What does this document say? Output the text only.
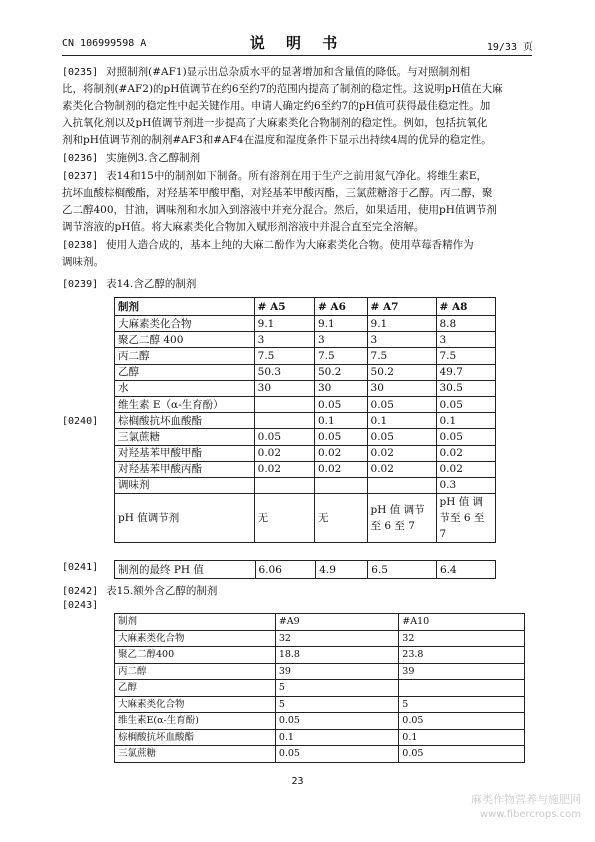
CN 106999598 A	说 明 书	19/33 页
[0235] 对照制剂(#AF1)显示出总杂质水平的显著增加和含量值的降低。与对照制剂相
比，将制剂(#AF2)的pH值调节在约6至约7的范围内提高了制剂的稳定性。这说明pH值在大麻
素类化合物制剂的稳定性中起关键作用。申请人确定约6至约7的pH值可获得最佳稳定性。加
入抗氧化剂以及pH值调节剂进一步提高了大麻素类化合物制剂的稳定性。例如，包括抗氧化
剂和pH值调节剂的制剂#AF3和#AF4在温度和湿度条件下显示出持续4周的优异的稳定性。
[0236] 实施例3.含乙醇制剂
[0237] 表14和15中的制剂如下制备。所有溶剂在用于生产之前用氮气净化。将维生素E，
抗坏血酸棕榈酸酯，对羟基苯甲酸甲酯，对羟基苯甲酸丙酯，三氯蔗糖溶于乙醇。丙二醇，聚
乙二醇400，甘油，调味剂和水加入到溶液中并充分混合。然后，如果适用，使用pH值调节剂
调节溶液的pH值。将大麻素类化合物加入赋形剂溶液中并混合直至完全溶解。
[0238] 使用人造合成的，基本上纯的大麻二酚作为大麻素类化合物。使用草莓香精作为
调味剂。
[0239] 表14.含乙醇的制剂
[0240]
制剂	# A5	# A6	# A7	# A8
大麻素类化合物	9.1	9.1	9.1	8.8
聚乙二醇 400	3	3	3	3
丙二醇	7.5	7.5	7.5	7.5
乙醇	50.3	50.2	50.2	49.7
水	30	30	30	30.5
维生素 E（α-生育酚）		0.05	0.05	0.05
棕榈酸抗坏血酸酯		0.1	0.1	0.1
三氯蔗糖	0.05	0.05	0.05	0.05
对羟基苯甲酸甲酯	0.02	0.02	0.02	0.02
对羟基苯甲酸丙酯	0.02	0.02	0.02	0.02
调味剂				0.3
pH 值调节剂	无	无	pH 值 调节至 6 至 7	pH 值 调节至 6 至 7
[0241] 制剂的最终 PH 值	6.06	4.9	6.5	6.4
[0242] 表15.额外含乙醇的制剂
[0243]
制剂	#A9	#A10
大麻素类化合物	32	32
聚乙二醇400	18.8	23.8
丙二醇	39	39
乙醇	5	
大麻素类化合物	5	5
维生素E(α-生育酚)	0.05	0.05
棕榈酸抗坏血酸酯	0.1	0.1
三氯蔗糖	0.05	0.05
23
麻类作物营养与施肥网
www.fibercrops.com
